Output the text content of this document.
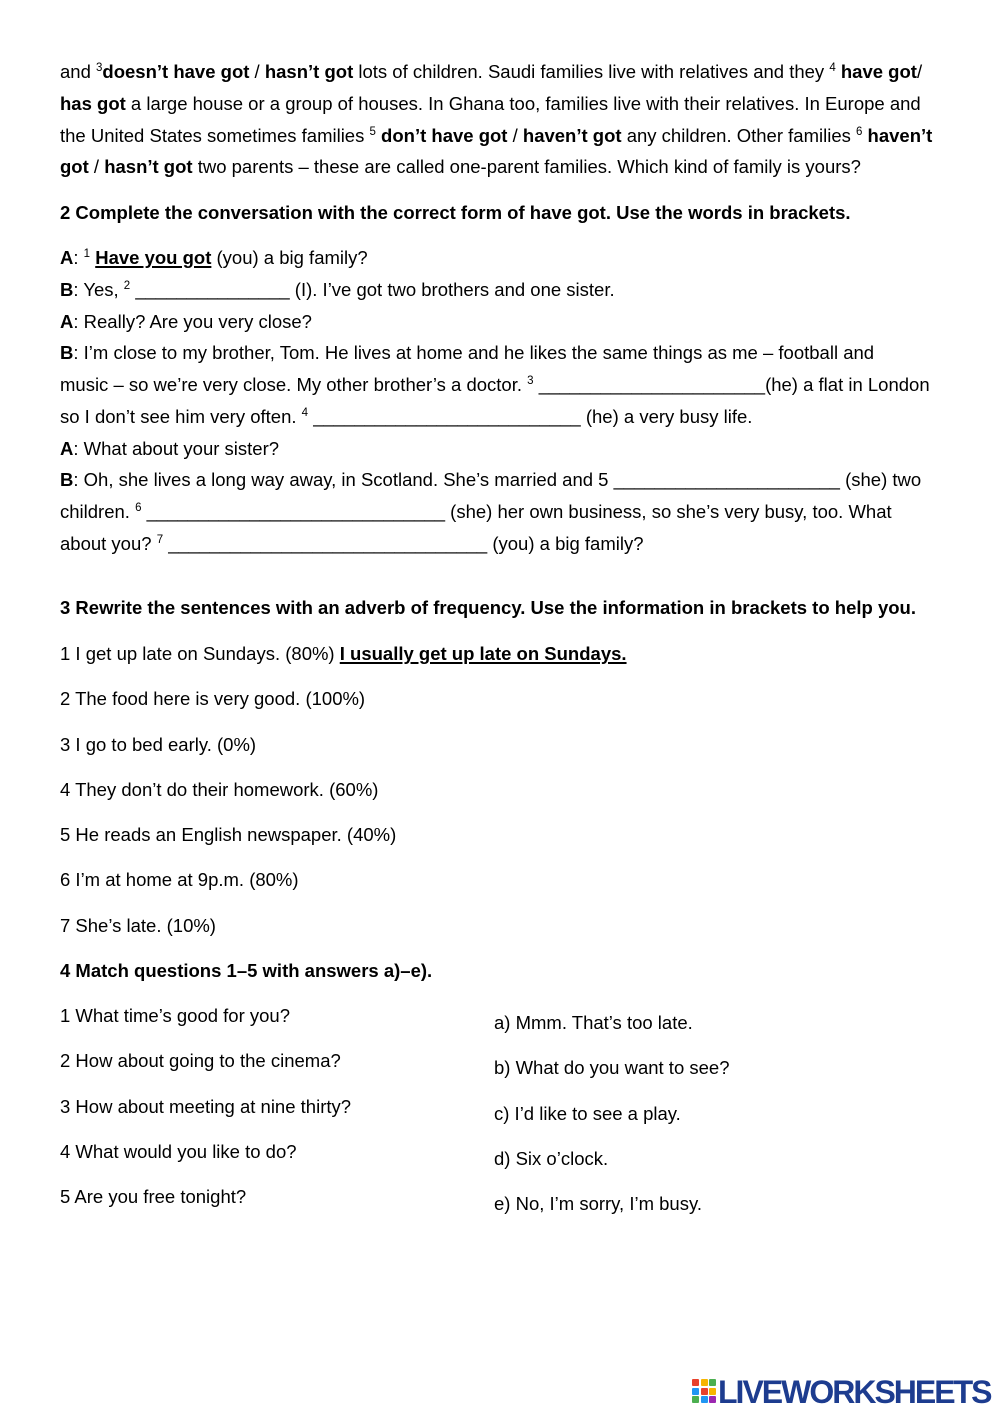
and $^3$doesn’t have got / hasn’t got lots of children. Saudi families live with relatives and they $^4$ have got/
has got a large house or a group of houses. In Ghana too, families live with their relatives. In Europe and
the United States sometimes families $^5$ don’t have got / haven’t got any children. Other families $^6$ haven’t
got / hasn’t got two parents – these are called one-parent families. Which kind of family is yours?
2 Complete the conversation with the correct form of have got. Use the words in brackets.
A: $^1$ Have you got (you) a big family?
B: Yes, $^2$ _______________ (I). I’ve got two brothers and one sister.
A: Really? Are you very close?
B: I’m close to my brother, Tom. He lives at home and he likes the same things as me – football and
music – so we’re very close. My other brother’s a doctor. $^3$ ______________________(he) a flat in London
so I don’t see him very often. $^4$ __________________________ (he) a very busy life.
A: What about your sister?
B: Oh, she lives a long way away, in Scotland. She’s married and 5 ______________________ (she) two
children. $^6$ _____________________________ (she) her own business, so she’s very busy, too. What
about you? $^7$ _______________________________ (you) a big family?
3 Rewrite the sentences with an adverb of frequency. Use the information in brackets to help you.
1 I get up late on Sundays. (80%) I usually get up late on Sundays.
2 The food here is very good. (100%)
3 I go to bed early. (0%)
4 They don’t do their homework. (60%)
5 He reads an English newspaper. (40%)
6 I’m at home at 9p.m. (80%)
7 She’s late. (10%)
4 Match questions 1–5 with answers a)–e).
1 What time’s good for you?
2 How about going to the cinema?
3 How about meeting at nine thirty?
4 What would you like to do?
5 Are you free tonight?
a) Mmm. That’s too late.
b) What do you want to see?
c) I’d like to see a play.
d) Six o’clock.
e) No, I’m sorry, I’m busy.
LIVEWORKSHEETS
